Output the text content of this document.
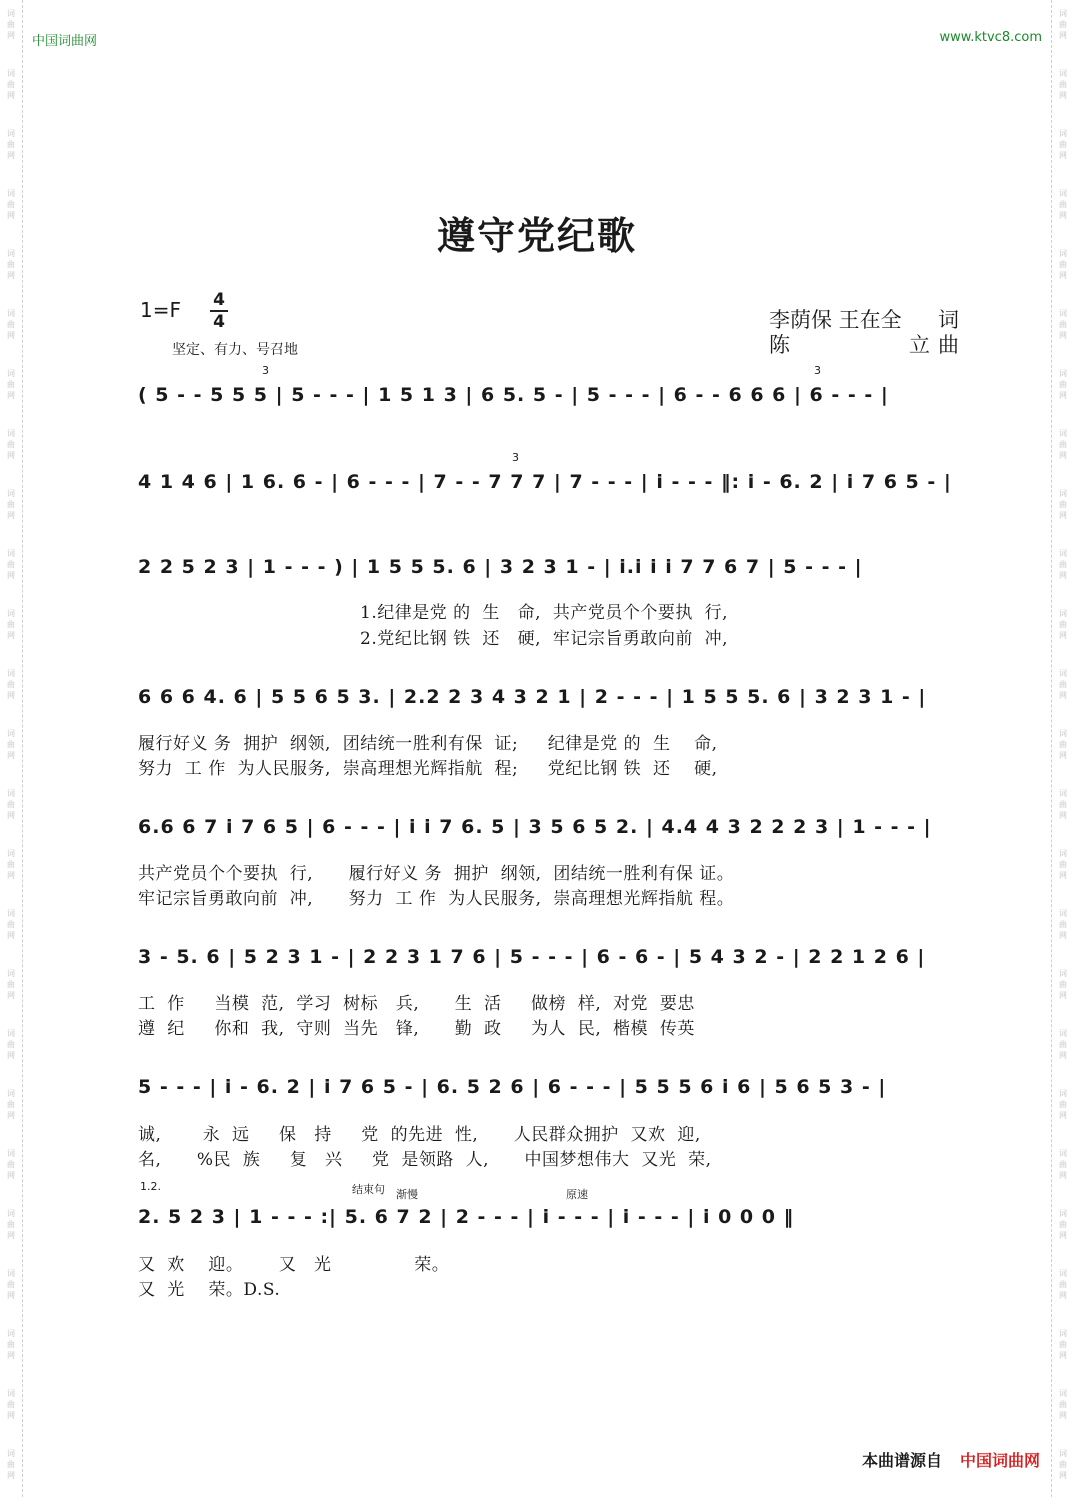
词
曲
网
词
曲
网
词
曲
网
词
曲
网
词
曲
网
词
曲
网
词
曲
网
词
曲
网
词
曲
网
词
曲
网
词
曲
网
词
曲
网
词
曲
网
词
曲
网
词
曲
网
词
曲
网
词
曲
网
词
曲
网
词
曲
网
词
曲
网
词
曲
网
词
曲
网
词
曲
网
词
曲
网
词
曲
网
词
曲
网
词
曲
网
词
曲
网
词
曲
网
词
曲
网
词
曲
网
词
曲
网
词
曲
网
词
曲
网
词
曲
网
词
曲
网
词
曲
网
词
曲
网
词
曲
网
词
曲
网
词
曲
网
词
曲
网
词
曲
网
词
曲
网
词
曲
网
词
曲
网
词
曲
网
词
曲
网
词
曲
网
词
曲
网
中国词曲网	www.ktvc8.com
遵守党纪歌
1=F 4
4
坚定、有力、号召地
李荫保 王在全 词
陈	立 曲
( 5 - - 5 5 5 | 5 - - - | 1 5 1 3 | 6 5. 5 - | 5 - - - | 6 - - 6 6 6 | 6 - - - |
3	3
4 1 4 6 | 1 6. 6 - | 6 - - - | 7 - - 7 7 7 | 7 - - - | i - - - ‖: i - 6. 2 | i 7 6 5 - |
3
2 2 5 2 3 | 1 - - - ) | 1 5 5 5. 6 | 3 2 3 1 - | i.i i i 7 7 6 7 | 5 - - - |
1.纪律是党 的  生   命,  共产党员个个要执  行,
2.党纪比钢 铁  还   硬,  牢记宗旨勇敢向前  冲,
6 6 6 4. 6 | 5 5 6 5 3. | 2.2 2 3 4 3 2 1 | 2 - - - | 1 5 5 5. 6 | 3 2 3 1 - |
履行好义 务  拥护  纲领,  团结统一胜利有保  证;     纪律是党 的  生    命,
努力  工 作  为人民服务,  崇高理想光辉指航  程;     党纪比钢 铁  还    硬,
6.6 6 7 i 7 6 5 | 6 - - - | i i 7 6. 5 | 3 5 6 5 2. | 4.4 4 3 2 2 2 3 | 1 - - - |
共产党员个个要执  行,      履行好义 务  拥护  纲领,  团结统一胜利有保 证。
牢记宗旨勇敢向前  冲,      努力  工 作  为人民服务,  崇高理想光辉指航 程。
3 - 5. 6 | 5 2 3 1 - | 2 2 3 1 7 6 | 5 - - - | 6 - 6 - | 5 4 3 2 - | 2 2 1 2 6 |
工  作     当模  范,  学习  树标   兵,      生  活     做榜  样,  对党  要忠
遵  纪     你和  我,  守则  当先   锋,      勤  政     为人  民,  楷模  传英
5 - - - | i - 6. 2 | i 7 6 5 - | 6. 5 2 6 | 6 - - - | 5 5 5 6 i 6 | 5 6 5 3 - |
诚,       永  远     保   持     党  的先进  性,      人民群众拥护  又欢  迎,
名,      %民  族     复   兴     党  是领路  人,      中国梦想伟大  又光  荣,
1.2.	结束句 渐慢	原速
2. 5 2 3 | 1 - - - :| 5. 6 7 2 | 2 - - - | i - - - | i - - - | i 0 0 0 ‖
又  欢    迎。      又   光              荣。
又  光    荣。D.S.
本曲谱源自 中国词曲网
